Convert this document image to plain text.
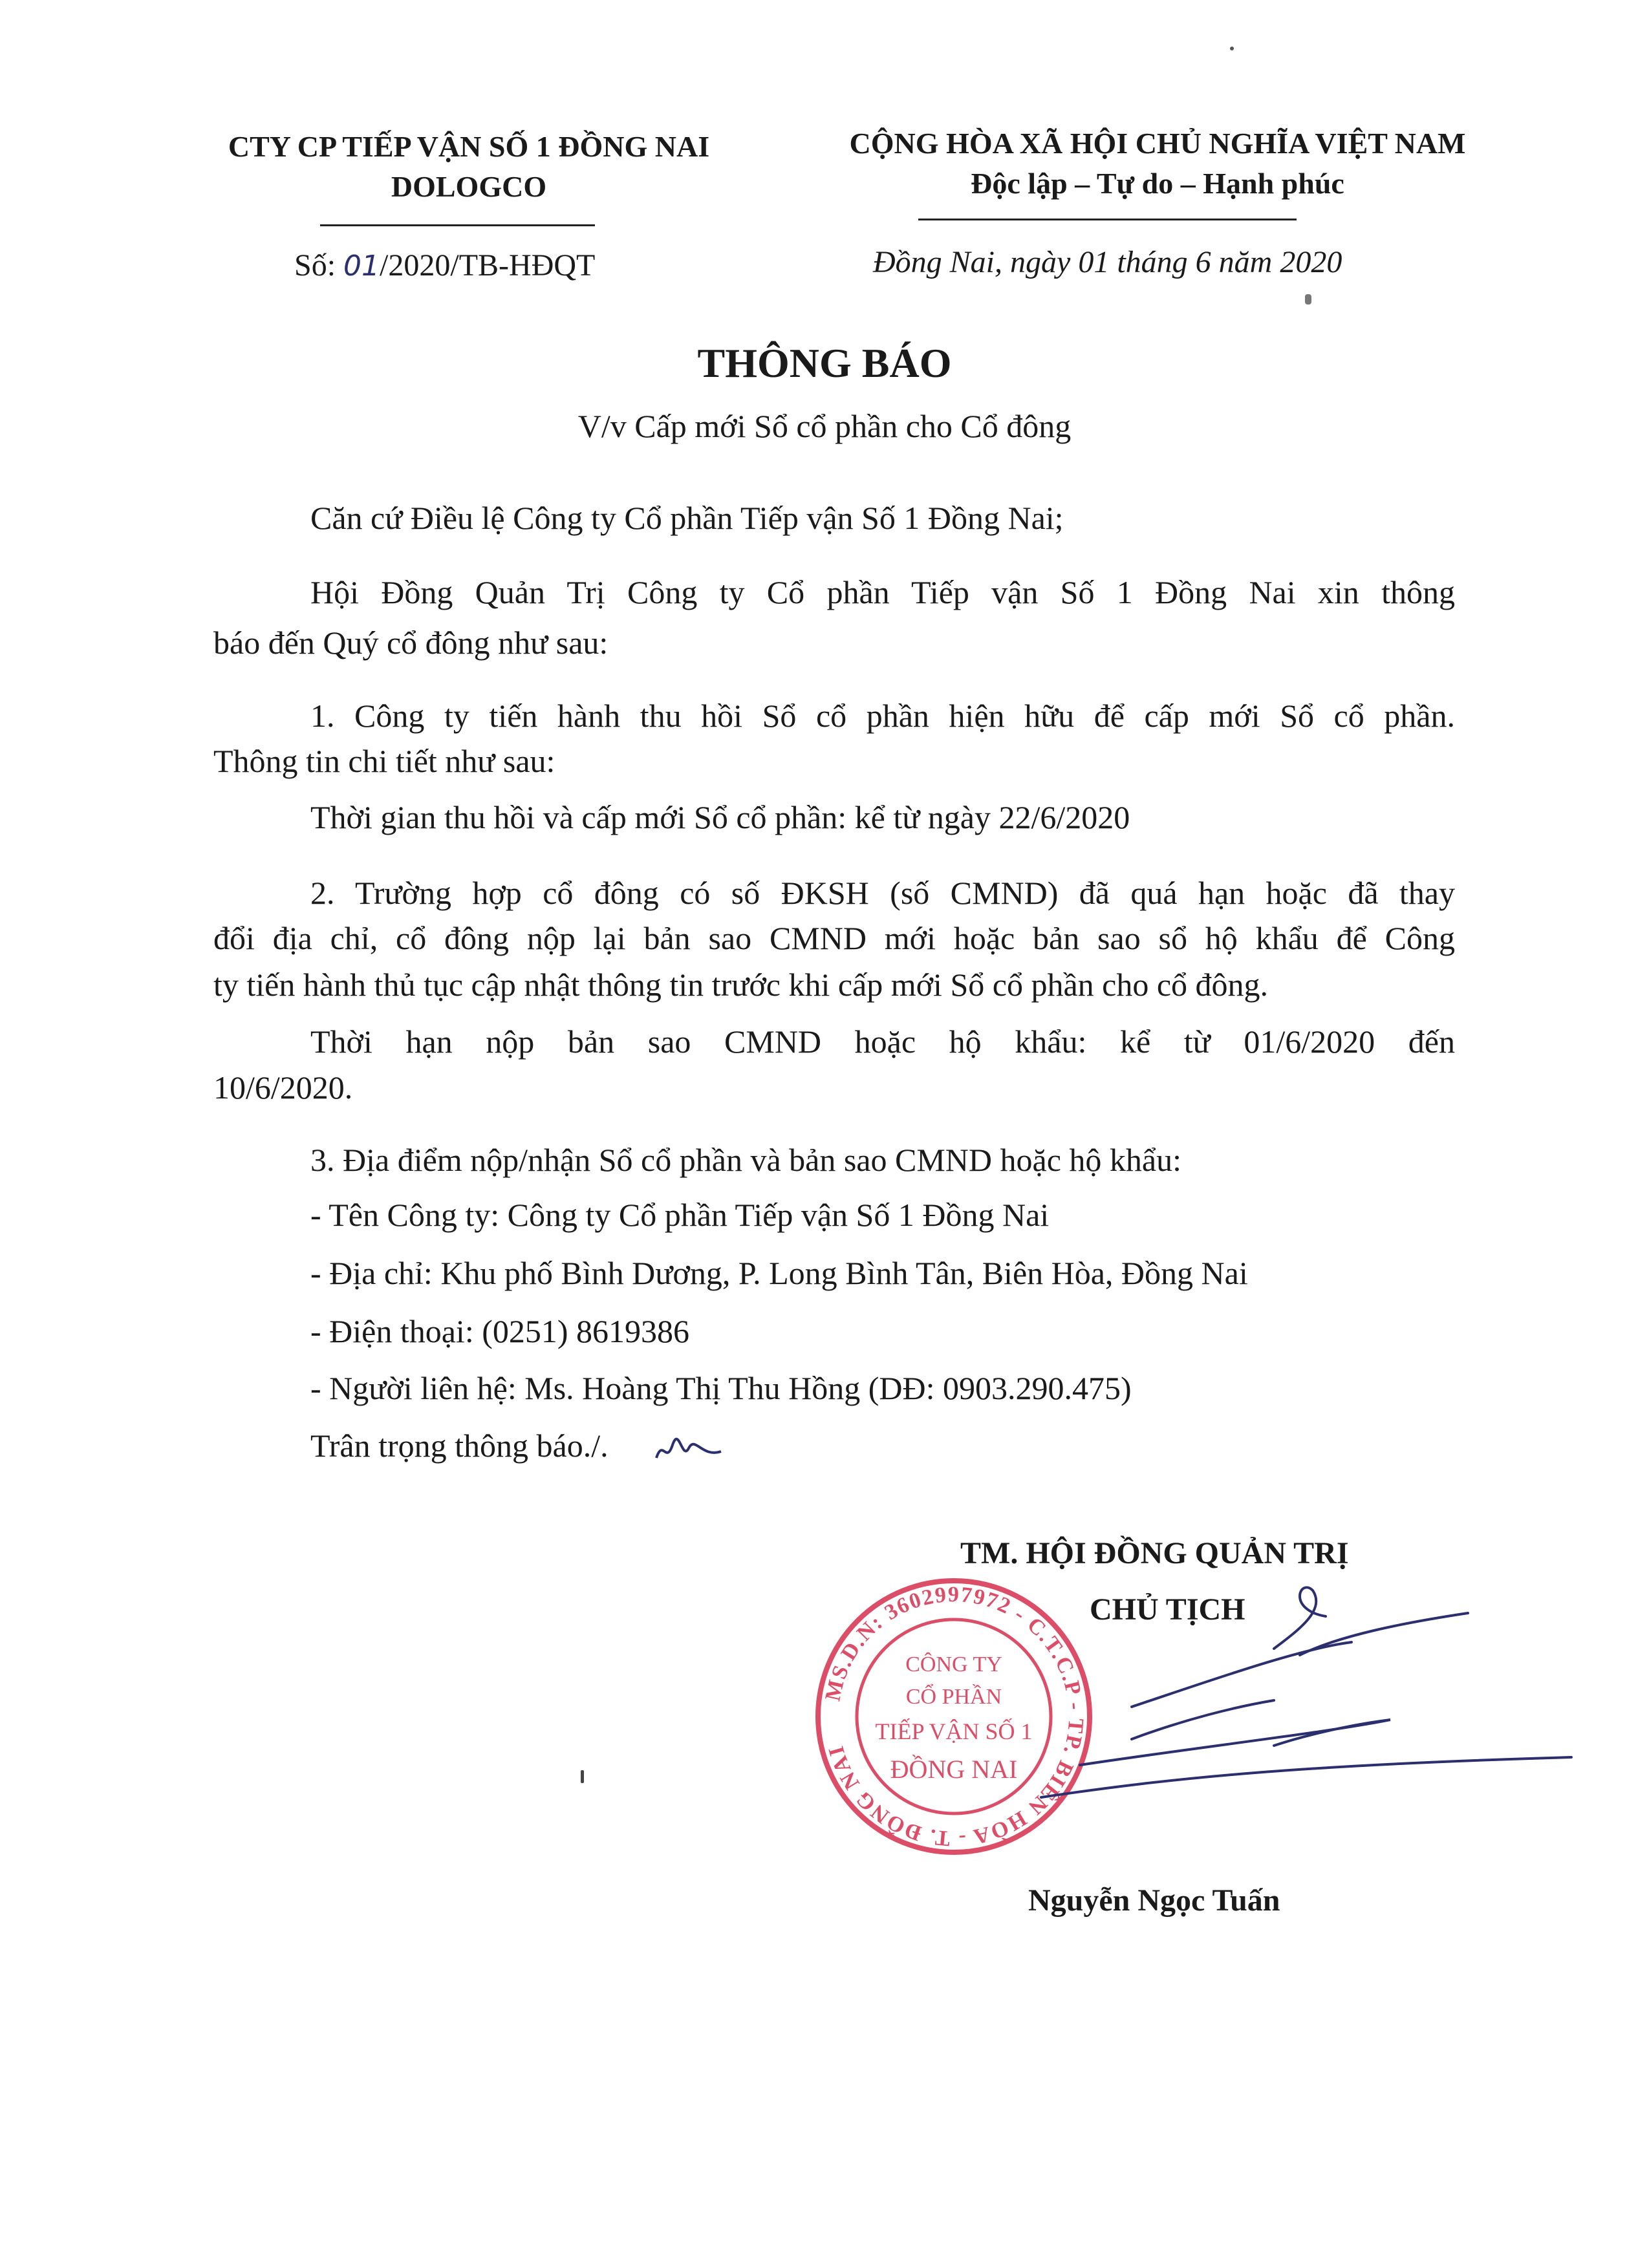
CTY CP TIẾP VẬN SỐ 1 ĐỒNG NAI
DOLOGCO
CỘNG HÒA XÃ HỘI CHỦ NGHĨA VIỆT NAM
Độc lập – Tự do – Hạnh phúc
Số: 01/2020/TB-HĐQT	Đồng Nai, ngày 01 tháng 6 năm 2020
THÔNG BÁO
V/v Cấp mới Sổ cổ phần cho Cổ đông
Căn cứ Điều lệ Công ty Cổ phần Tiếp vận Số 1 Đồng Nai;
Hội Đồng Quản Trị Công ty Cổ phần Tiếp vận Số 1 Đồng Nai xin thông
báo đến Quý cổ đông như sau:
1. Công ty tiến hành thu hồi Sổ cổ phần hiện hữu để cấp mới Sổ cổ phần.
Thông tin chi tiết như sau:
Thời gian thu hồi và cấp mới Sổ cổ phần: kể từ ngày 22/6/2020
2. Trường hợp cổ đông có số ĐKSH (số CMND) đã quá hạn hoặc đã thay
đổi địa chỉ, cổ đông nộp lại bản sao CMND mới hoặc bản sao sổ hộ khẩu để Công
ty tiến hành thủ tục cập nhật thông tin trước khi cấp mới Sổ cổ phần cho cổ đông.
Thời hạn nộp bản sao CMND hoặc hộ khẩu: kể từ 01/6/2020 đến
10/6/2020.
3. Địa điểm nộp/nhận Sổ cổ phần và bản sao CMND hoặc hộ khẩu:
- Tên Công ty: Công ty Cổ phần Tiếp vận Số 1 Đồng Nai
- Địa chỉ: Khu phố Bình Dương, P. Long Bình Tân, Biên Hòa, Đồng Nai
- Điện thoại: (0251) 8619386
- Người liên hệ: Ms. Hoàng Thị Thu Hồng (DĐ: 0903.290.475)
Trân trọng thông báo./.
TM. HỘI ĐỒNG QUẢN TRỊ
CHỦ TỊCH
MS.D.N: 3602997972 - C.T.C.P - TP. BIÊN HÒA - T. ĐỒNG NAI
CÔNG TY
CỔ PHẦN
TIẾP VẬN SỐ 1
ĐỒNG NAI
Nguyễn Ngọc Tuấn
